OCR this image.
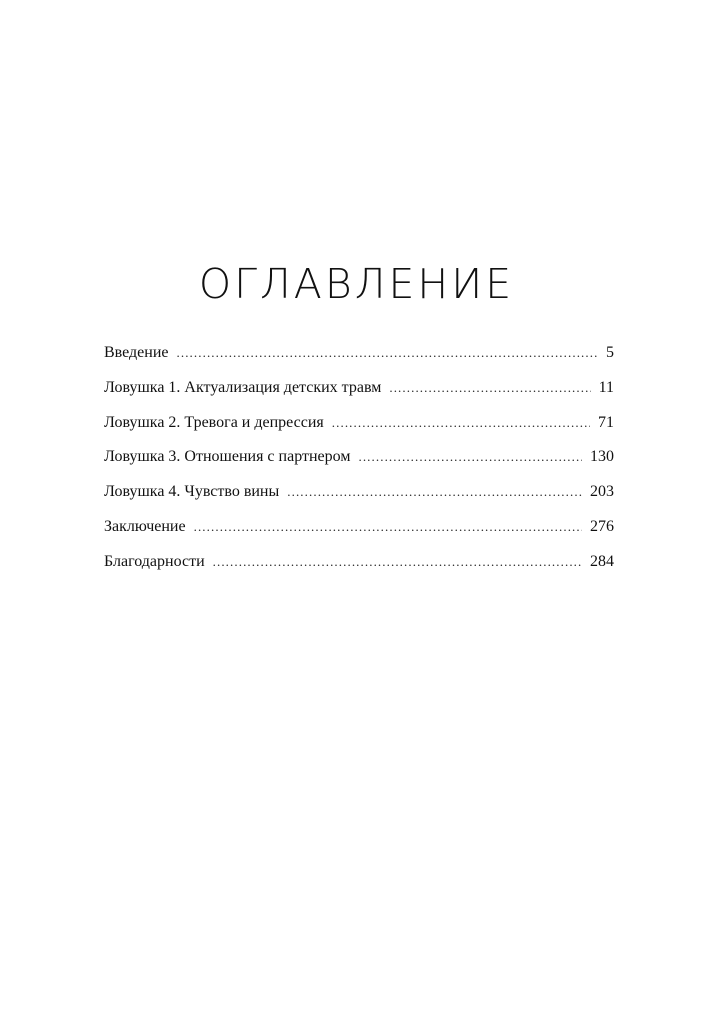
ОГЛАВЛЕНИЕ
Введение .....	5
Ловушка 1. Актуализация детских травм .....	11
Ловушка 2. Тревога и депрессия .....	71
Ловушка 3. Отношения с партнером .....	130
Ловушка 4. Чувство вины .....	203
Заключение .....	276
Благодарности .....	284
